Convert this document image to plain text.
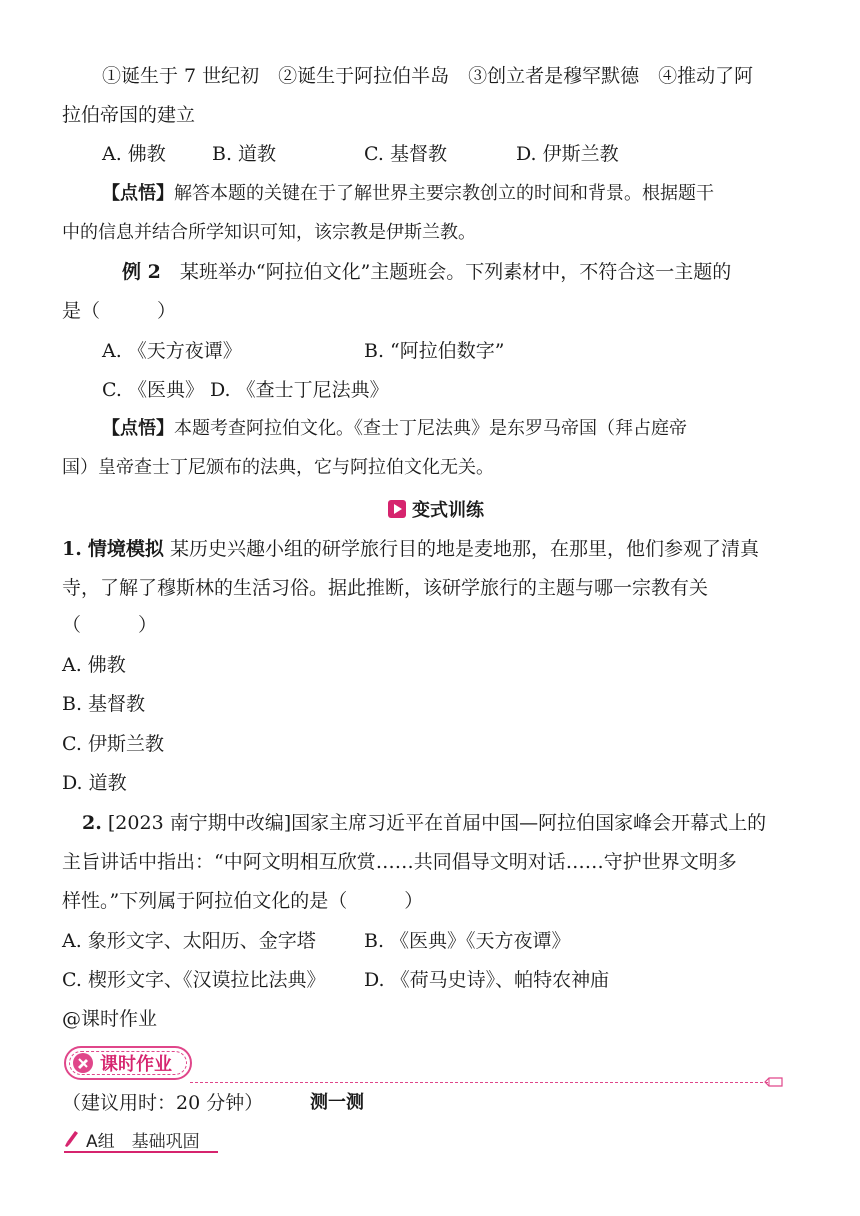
①诞生于 7 世纪初　②诞生于阿拉伯半岛　③创立者是穆罕默德　④推动了阿
拉伯帝国的建立
A. 佛教 B. 道教	C. 基督教	D. 伊斯兰教
【点悟】解答本题的关键在于了解世界主要宗教创立的时间和背景。根据题干
中的信息并结合所学知识可知，该宗教是伊斯兰教。
例 2　 某班举办“阿拉伯文化”主题班会。下列素材中，不符合这一主题的
是（　　　）
A. 《天方夜谭》	B. “阿拉伯数字”
C. 《医典》 D. 《查士丁尼法典》
【点悟】本题考查阿拉伯文化。《查士丁尼法典》是东罗马帝国（拜占庭帝
国）皇帝查士丁尼颁布的法典，它与阿拉伯文化无关。
变式训练
1. 情境模拟 某历史兴趣小组的研学旅行目的地是麦地那，在那里，他们参观了清真
寺，了解了穆斯林的生活习俗。据此推断，该研学旅行的主题与哪一宗教有关
（　　　）
A. 佛教
B. 基督教
C. 伊斯兰教
D. 道教
2. [2023 南宁期中改编]国家主席习近平在首届中国—阿拉伯国家峰会开幕式上的
主旨讲话中指出：“中阿文明相互欣赏……共同倡导文明对话……守护世界文明多
样性。”下列属于阿拉伯文化的是（　　　）
A. 象形文字、太阳历、金字塔	B. 《医典》《天方夜谭》
C. 楔形文字、《汉谟拉比法典》 D. 《荷马史诗》、帕特农神庙
@课时作业
课时作业
（建议用时：20 分钟）	测一测
A组　基础巩固
